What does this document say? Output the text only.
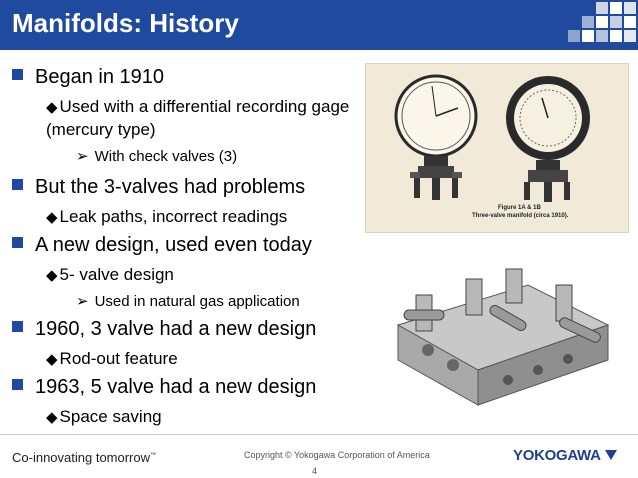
Manifolds: History
Began in 1910
◆ Used with a differential recording gage (mercury type)
➢ With check valves (3)
But the 3-valves had problems
◆ Leak paths, incorrect readings
A new design, used even today
◆ 5- valve design
➢ Used in natural gas application
1960, 3 valve had a new design
◆ Rod-out feature
1963, 5 valve had a new design
◆ Space saving
Figure 1A & 1B
Three-valve manifold (circa 1910).
Co-innovating tomorrow™	Copyright © Yokogawa Corporation of America
4
YOKOGAWA
